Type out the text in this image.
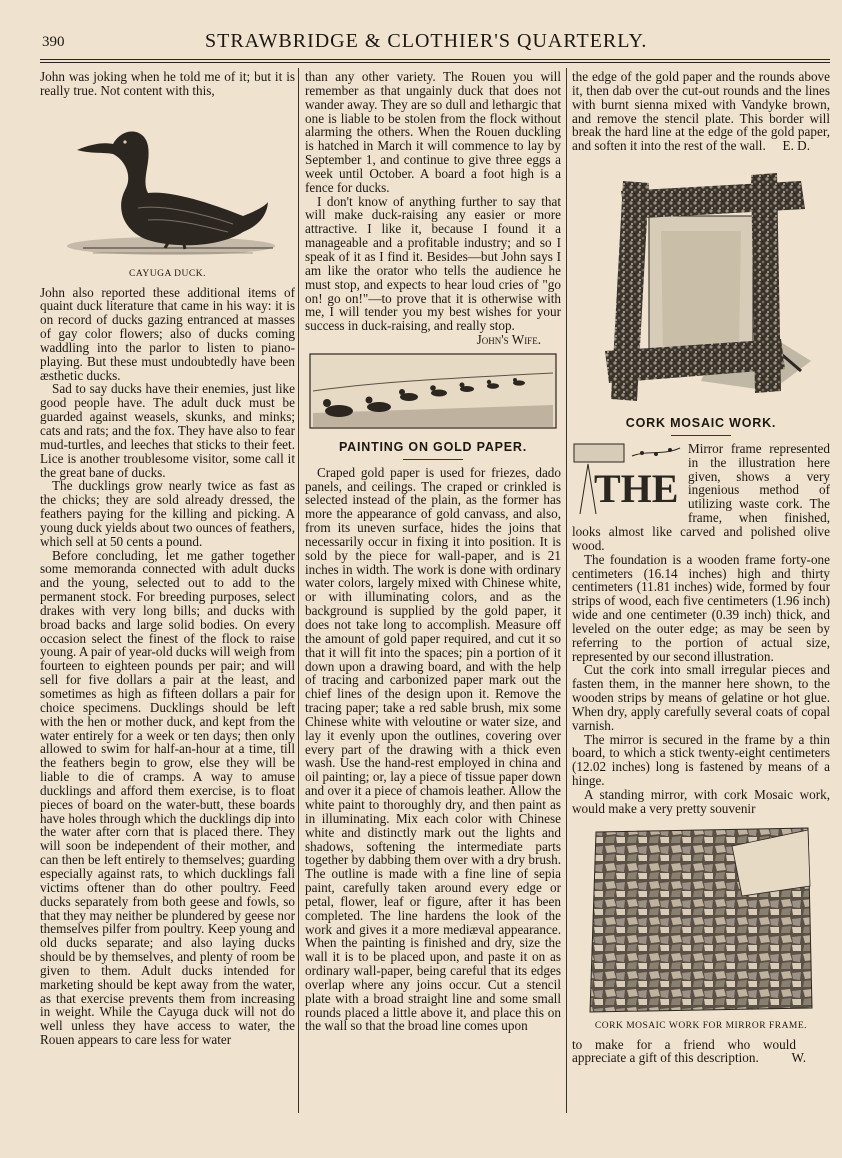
390	STRAWBRIDGE & CLOTHIER'S QUARTERLY.

John was joking when he told me of it; but it is really true. Not content with this,

CAYUGA DUCK.

John also reported these additional items of quaint duck literature that came in his way: it is on record of ducks gazing entranced at masses of gay color flowers; also of ducks coming waddling into the parlor to listen to piano-playing. But these must undoubtedly have been æsthetic ducks.

Sad to say ducks have their enemies, just like good people have. The adult duck must be guarded against weasels, skunks, and minks; cats and rats; and the fox. They have also to fear mud-turtles, and leeches that sticks to their feet. Lice is another troublesome visitor, some call it the great bane of ducks.

The ducklings grow nearly twice as fast as the chicks; they are sold already dressed, the feathers paying for the killing and picking. A young duck yields about two ounces of feathers, which sell at 50 cents a pound.

Before concluding, let me gather together some memoranda connected with adult ducks and the young, selected out to add to the permanent stock. For breeding purposes, select drakes with very long bills; and ducks with broad backs and large solid bodies. On every occasion select the finest of the flock to raise young. A pair of year-old ducks will weigh from fourteen to eighteen pounds per pair; and will sell for five dollars a pair at the least, and sometimes as high as fifteen dollars a pair for choice specimens. Ducklings should be left with the hen or mother duck, and kept from the water entirely for a week or ten days; then only allowed to swim for half-an-hour at a time, till the feathers begin to grow, else they will be liable to die of cramps. A way to amuse ducklings and afford them exercise, is to float pieces of board on the water-butt, these boards have holes through which the ducklings dip into the water after corn that is placed there. They will soon be independent of their mother, and can then be left entirely to themselves; guarding especially against rats, to which ducklings fall victims oftener than do other poultry. Feed ducks separately from both geese and fowls, so that they may neither be plundered by geese nor themselves pilfer from poultry. Keep young and old ducks separate; and also laying ducks should be by themselves, and plenty of room be given to them. Adult ducks intended for marketing should be kept away from the water, as that exercise prevents them from increasing in weight. While the Cayuga duck will not do well unless they have access to water, the Rouen appears to care less for water

than any other variety. The Rouen you will remember as that ungainly duck that does not wander away. They are so dull and lethargic that one is liable to be stolen from the flock without alarming the others. When the Rouen duckling is hatched in March it will commence to lay by September 1, and continue to give three eggs a week until October. A board a foot high is a fence for ducks.

I don't know of anything further to say that will make duck-raising any easier or more attractive. I like it, because I found it a manageable and a profitable industry; and so I speak of it as I find it. Besides—but John says I am like the orator who tells the audience he must stop, and expects to hear loud cries of "go on! go on!"—to prove that it is otherwise with me, I will tender you my best wishes for your success in duck-raising, and really stop.

John's Wife.
PAINTING ON GOLD PAPER.

Craped gold paper is used for friezes, dado panels, and ceilings. The craped or crinkled is selected instead of the plain, as the former has more the appearance of gold canvass, and also, from its uneven surface, hides the joins that necessarily occur in fixing it into position. It is sold by the piece for wall-paper, and is 21 inches in width. The work is done with ordinary water colors, largely mixed with Chinese white, or with illuminating colors, and as the background is supplied by the gold paper, it does not take long to accomplish. Measure off the amount of gold paper required, and cut it so that it will fit into the spaces; pin a portion of it down upon a drawing board, and with the help of tracing and carbonized paper mark out the chief lines of the design upon it. Remove the tracing paper; take a red sable brush, mix some Chinese white with veloutine or water size, and lay it evenly upon the outlines, covering over every part of the drawing with a thick even wash. Use the hand-rest employed in china and oil painting; or, lay a piece of tissue paper down and over it a piece of chamois leather. Allow the white paint to thoroughly dry, and then paint as in illuminating. Mix each color with Chinese white and distinctly mark out the lights and shadows, softening the intermediate parts together by dabbing them over with a dry brush. The outline is made with a fine line of sepia paint, carefully taken around every edge or petal, flower, leaf or figure, after it has been completed. The line hardens the look of the work and gives it a more mediæval appearance. When the painting is finished and dry, size the wall it is to be placed upon, and paste it on as ordinary wall-paper, being careful that its edges overlap where any joins occur. Cut a stencil plate with a broad straight line and some small rounds placed a little above it, and place this on the wall so that the broad line comes upon

the edge of the gold paper and the rounds above it, then dab over the cut-out rounds and the lines with burnt sienna mixed with Vandyke brown, and remove the stencil plate. This border will break the hard line at the edge of the gold paper, and soften it into the rest of the wall.	E. D.
CORK MOSAIC WORK.
THE

Mirror frame represented in the illustration here given, shows a very ingenious method of utilizing waste cork. The frame, when finished, looks almost like carved and polished olive wood.

The foundation is a wooden frame forty-one centimeters (16.14 inches) high and thirty centimeters (11.81 inches) wide, formed by four strips of wood, each five centimeters (1.96 inch) wide and one centimeter (0.39 inch) thick, and leveled on the outer edge; as may be seen by referring to the portion of actual size, represented by our second illustration.

Cut the cork into small irregular pieces and fasten them, in the manner here shown, to the wooden strips by means of gelatine or hot glue. When dry, apply carefully several coats of copal varnish.

The mirror is secured in the frame by a thin board, to which a stick twenty-eight centimeters (12.02 inches) long is fastened by means of a hinge.

A standing mirror, with cork Mosaic work, would make a very pretty souvenir

CORK MOSAIC WORK FOR MIRROR FRAME.

to make for a friend who would appreciate a gift of this description.	W.
